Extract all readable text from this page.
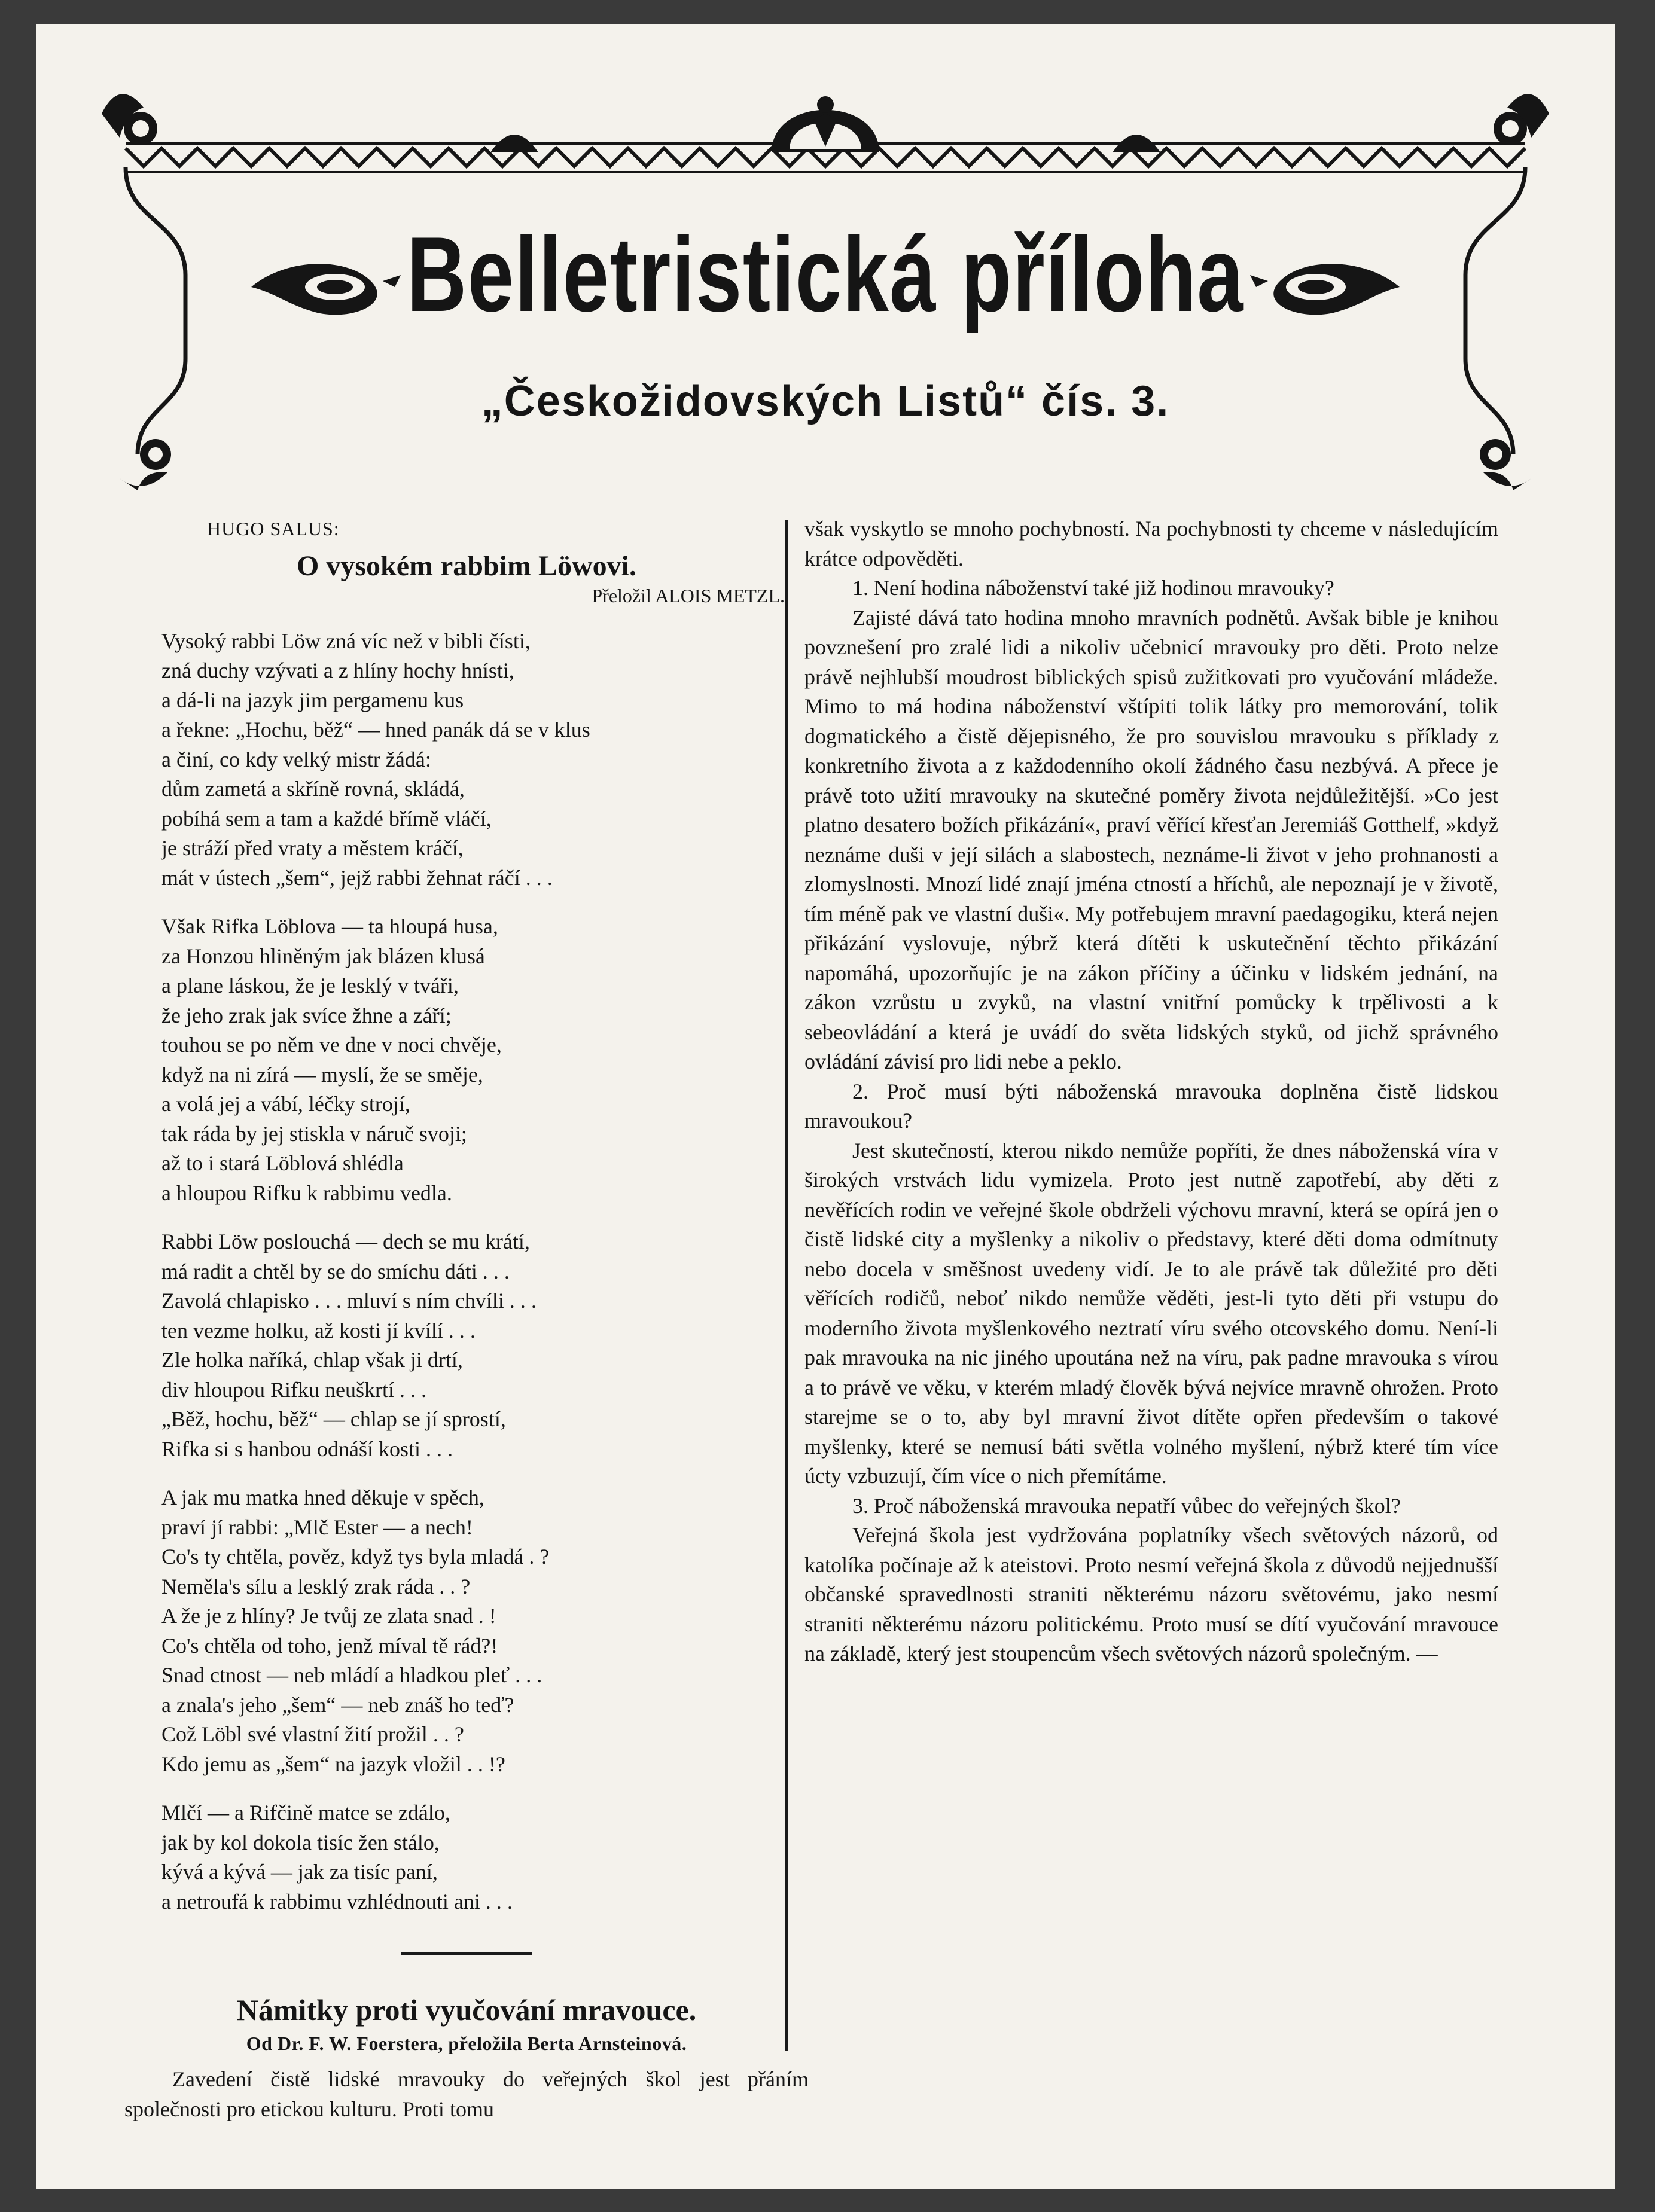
Belletristická příloha
„Českožidovských Listů“ čís. 3.
HUGO SALUS:
O vysokém rabbim Löwovi.
Přeložil ALOIS METZL.
Vysoký rabbi Löw zná víc než v bibli čísti,
zná duchy vzývati a z hlíny hochy hnísti,
a dá-li na jazyk jim pergamenu kus
a řekne: „Hochu, běž“ — hned panák dá se v klus
a činí, co kdy velký mistr žádá:
dům zametá a skříně rovná, skládá,
pobíhá sem a tam a každé břímě vláčí,
je stráží před vraty a městem kráčí,
mát v ústech „šem“, jejž rabbi žehnat ráčí . . .
Však Rifka Löblova — ta hloupá husa,
za Honzou hliněným jak blázen klusá
a plane láskou, že je lesklý v tváři,
že jeho zrak jak svíce žhne a září;
touhou se po něm ve dne v noci chvěje,
když na ni zírá — myslí, že se směje,
a volá jej a vábí, léčky strojí,
tak ráda by jej stiskla v náruč svoji;
až to i stará Löblová shlédla
a hloupou Rifku k rabbimu vedla.
Rabbi Löw poslouchá — dech se mu krátí,
má radit a chtěl by se do smíchu dáti . . .
Zavolá chlapisko . . . mluví s ním chvíli . . .
ten vezme holku, až kosti jí kvílí . . .
Zle holka naříká, chlap však ji drtí,
div hloupou Rifku neuškrtí . . .
„Běž, hochu, běž“ — chlap se jí sprostí,
Rifka si s hanbou odnáší kosti . . .
A jak mu matka hned děkuje v spěch,
praví jí rabbi: „Mlč Ester — a nech!
Co's ty chtěla, pověz, když tys byla mladá . ?
Neměla's sílu a lesklý zrak ráda . . ?
A že je z hlíny? Je tvůj ze zlata snad . !
Co's chtěla od toho, jenž míval tě rád?!
Snad ctnost — neb mládí a hladkou pleť . . .
a znala's jeho „šem“ — neb znáš ho teď?
Což Löbl své vlastní žití prožil . . ?
Kdo jemu as „šem“ na jazyk vložil . . !?
Mlčí — a Rifčině matce se zdálo,
jak by kol dokola tisíc žen stálo,
kývá a kývá — jak za tisíc paní,
a netroufá k rabbimu vzhlédnouti ani . . .
Námitky proti vyučování mravouce.
Od Dr. F. W. Foerstera, přeložila Berta Arnsteinová.

Zavedení čistě lidské mravouky do veřejných škol jest přáním společnosti pro etickou kulturu. Proti tomu

však vyskytlo se mnoho pochybností. Na pochybnosti ty chceme v následujícím krátce odpověděti.

1. Není hodina náboženství také již hodinou mravouky?

Zajisté dává tato hodina mnoho mravních podnětů. Avšak bible je knihou povznešení pro zralé lidi a nikoliv učebnicí mravouky pro děti. Proto nelze právě nejhlubší moudrost biblických spisů zužitkovati pro vyučování mládeže. Mimo to má hodina náboženství vštípiti tolik látky pro memorování, tolik dogmatického a čistě dějepisného, že pro souvislou mravouku s příklady z konkretního života a z každodenního okolí žádného času nezbývá. A přece je právě toto užití mravouky na skutečné poměry života nejdůležitější. »Co jest platno desatero božích přikázání«, praví věřící křesťan Jeremiáš Gotthelf, »když neznáme duši v její silách a slabostech, neznáme-li život v jeho prohnanosti a zlomyslnosti. Mnozí lidé znají jména ctností a hříchů, ale nepoznají je v životě, tím méně pak ve vlastní duši«. My potřebujem mravní paedagogiku, která nejen přikázání vyslovuje, nýbrž která dítěti k uskutečnění těchto přikázání napomáhá, upozorňujíc je na zákon příčiny a účinku v lidském jednání, na zákon vzrůstu u zvyků, na vlastní vnitřní pomůcky k trpělivosti a k sebeovládání a která je uvádí do světa lidských styků, od jichž správného ovládání závisí pro lidi nebe a peklo.

2. Proč musí býti náboženská mravouka doplněna čistě lidskou mravoukou?

Jest skutečností, kterou nikdo nemůže popříti, že dnes náboženská víra v širokých vrstvách lidu vymizela. Proto jest nutně zapotřebí, aby děti z nevěřících rodin ve veřejné škole obdrželi výchovu mravní, která se opírá jen o čistě lidské city a myšlenky a nikoliv o představy, které děti doma odmítnuty nebo docela v směšnost uvedeny vidí. Je to ale právě tak důležité pro děti věřících rodičů, neboť nikdo nemůže věděti, jest-li tyto děti při vstupu do moderního života myšlenkového neztratí víru svého otcovského domu. Není-li pak mravouka na nic jiného upoutána než na víru, pak padne mravouka s vírou a to právě ve věku, v kterém mladý člověk bývá nejvíce mravně ohrožen. Proto starejme se o to, aby byl mravní život dítěte opřen především o takové myšlenky, které se nemusí báti světla volného myšlení, nýbrž které tím více úcty vzbuzují, čím více o nich přemítáme.

3. Proč náboženská mravouka nepatří vůbec do veřejných škol?

Veřejná škola jest vydržována poplatníky všech světových názorů, od katolíka počínaje až k ateistovi. Proto nesmí veřejná škola z důvodů nejjednušší občanské spravedlnosti straniti některému názoru světovému, jako nesmí straniti některému názoru politickému. Proto musí se dítí vyučování mravouce na základě, který jest stoupencům všech světových názorů společným. —
